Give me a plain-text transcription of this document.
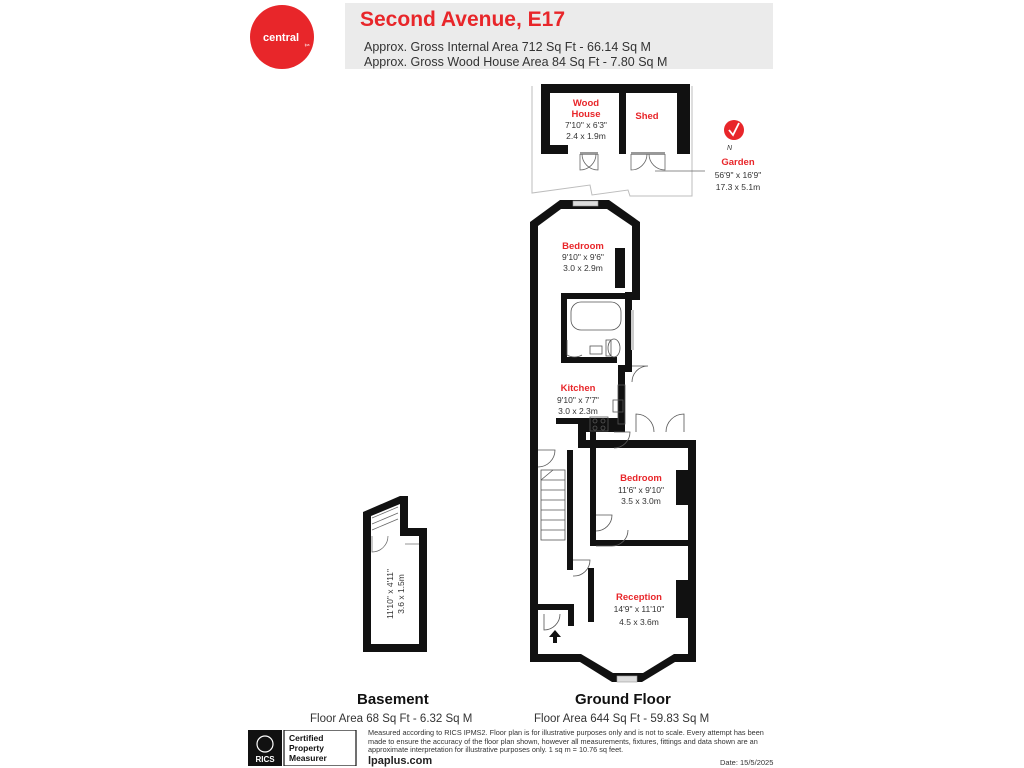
central
Ipa
Second Avenue, E17
Approx. Gross Internal Area 712 Sq Ft - 66.14 Sq M
Approx. Gross Wood House Area 84 Sq Ft - 7.80 Sq M
N
Wood
House
7'10" x 6'3"
2.4 x 1.9m
Shed
Garden
56'9" x 16'9"
17.3 x 5.1m
Bedroom
9'10" x 9'6"
3.0 x 2.9m
Kitchen
9'10" x 7'7"
3.0 x 2.3m
Bedroom
11'6" x 9'10"
3.5 x 3.0m
Reception
14'9" x 11'10"
4.5 x 3.6m
11'10" x 4'11" 3.6 x 1.5m
Basement
Floor Area 68 Sq Ft - 6.32 Sq M
Ground Floor
Floor Area 644 Sq Ft - 59.83 Sq M
RICS
Certified
Property
Measurer
Measured according to RICS IPMS2. Floor plan is for illustrative purposes only and is not to scale. Every attempt has been made to ensure the accuracy of the floor plan shown, however all measurements, fixtures, fittings and data shown are an approximate interpretation for illustrative purposes only. 1 sq m = 10.76 sq feet.
lpaplus.com	Date: 15/5/2025
